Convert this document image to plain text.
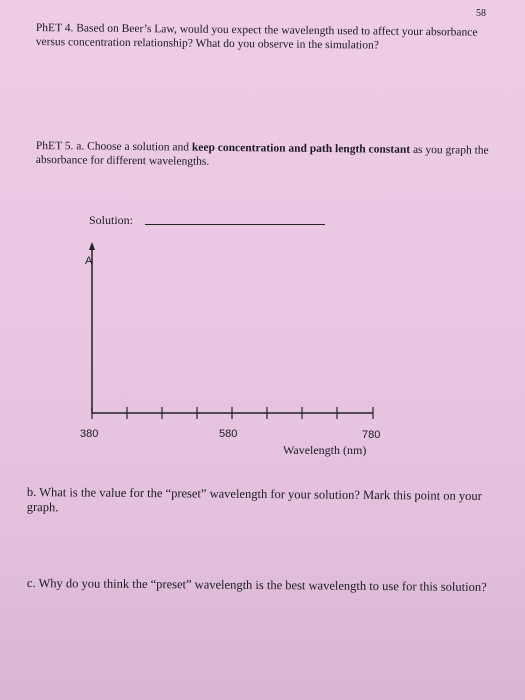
58
PhET 4. Based on Beer’s Law, would you expect the wavelength used to affect your absorbance versus concentration relationship? What do you observe in the simulation?
PhET 5. a. Choose a solution and keep concentration and path length constant as you graph the absorbance for different wavelengths.
Solution:
A
380	580	780
Wavelength (nm)
b. What is the value for the “preset” wavelength for your solution? Mark this point on your graph.
c. Why do you think the “preset” wavelength is the best wavelength to use for this solution?
